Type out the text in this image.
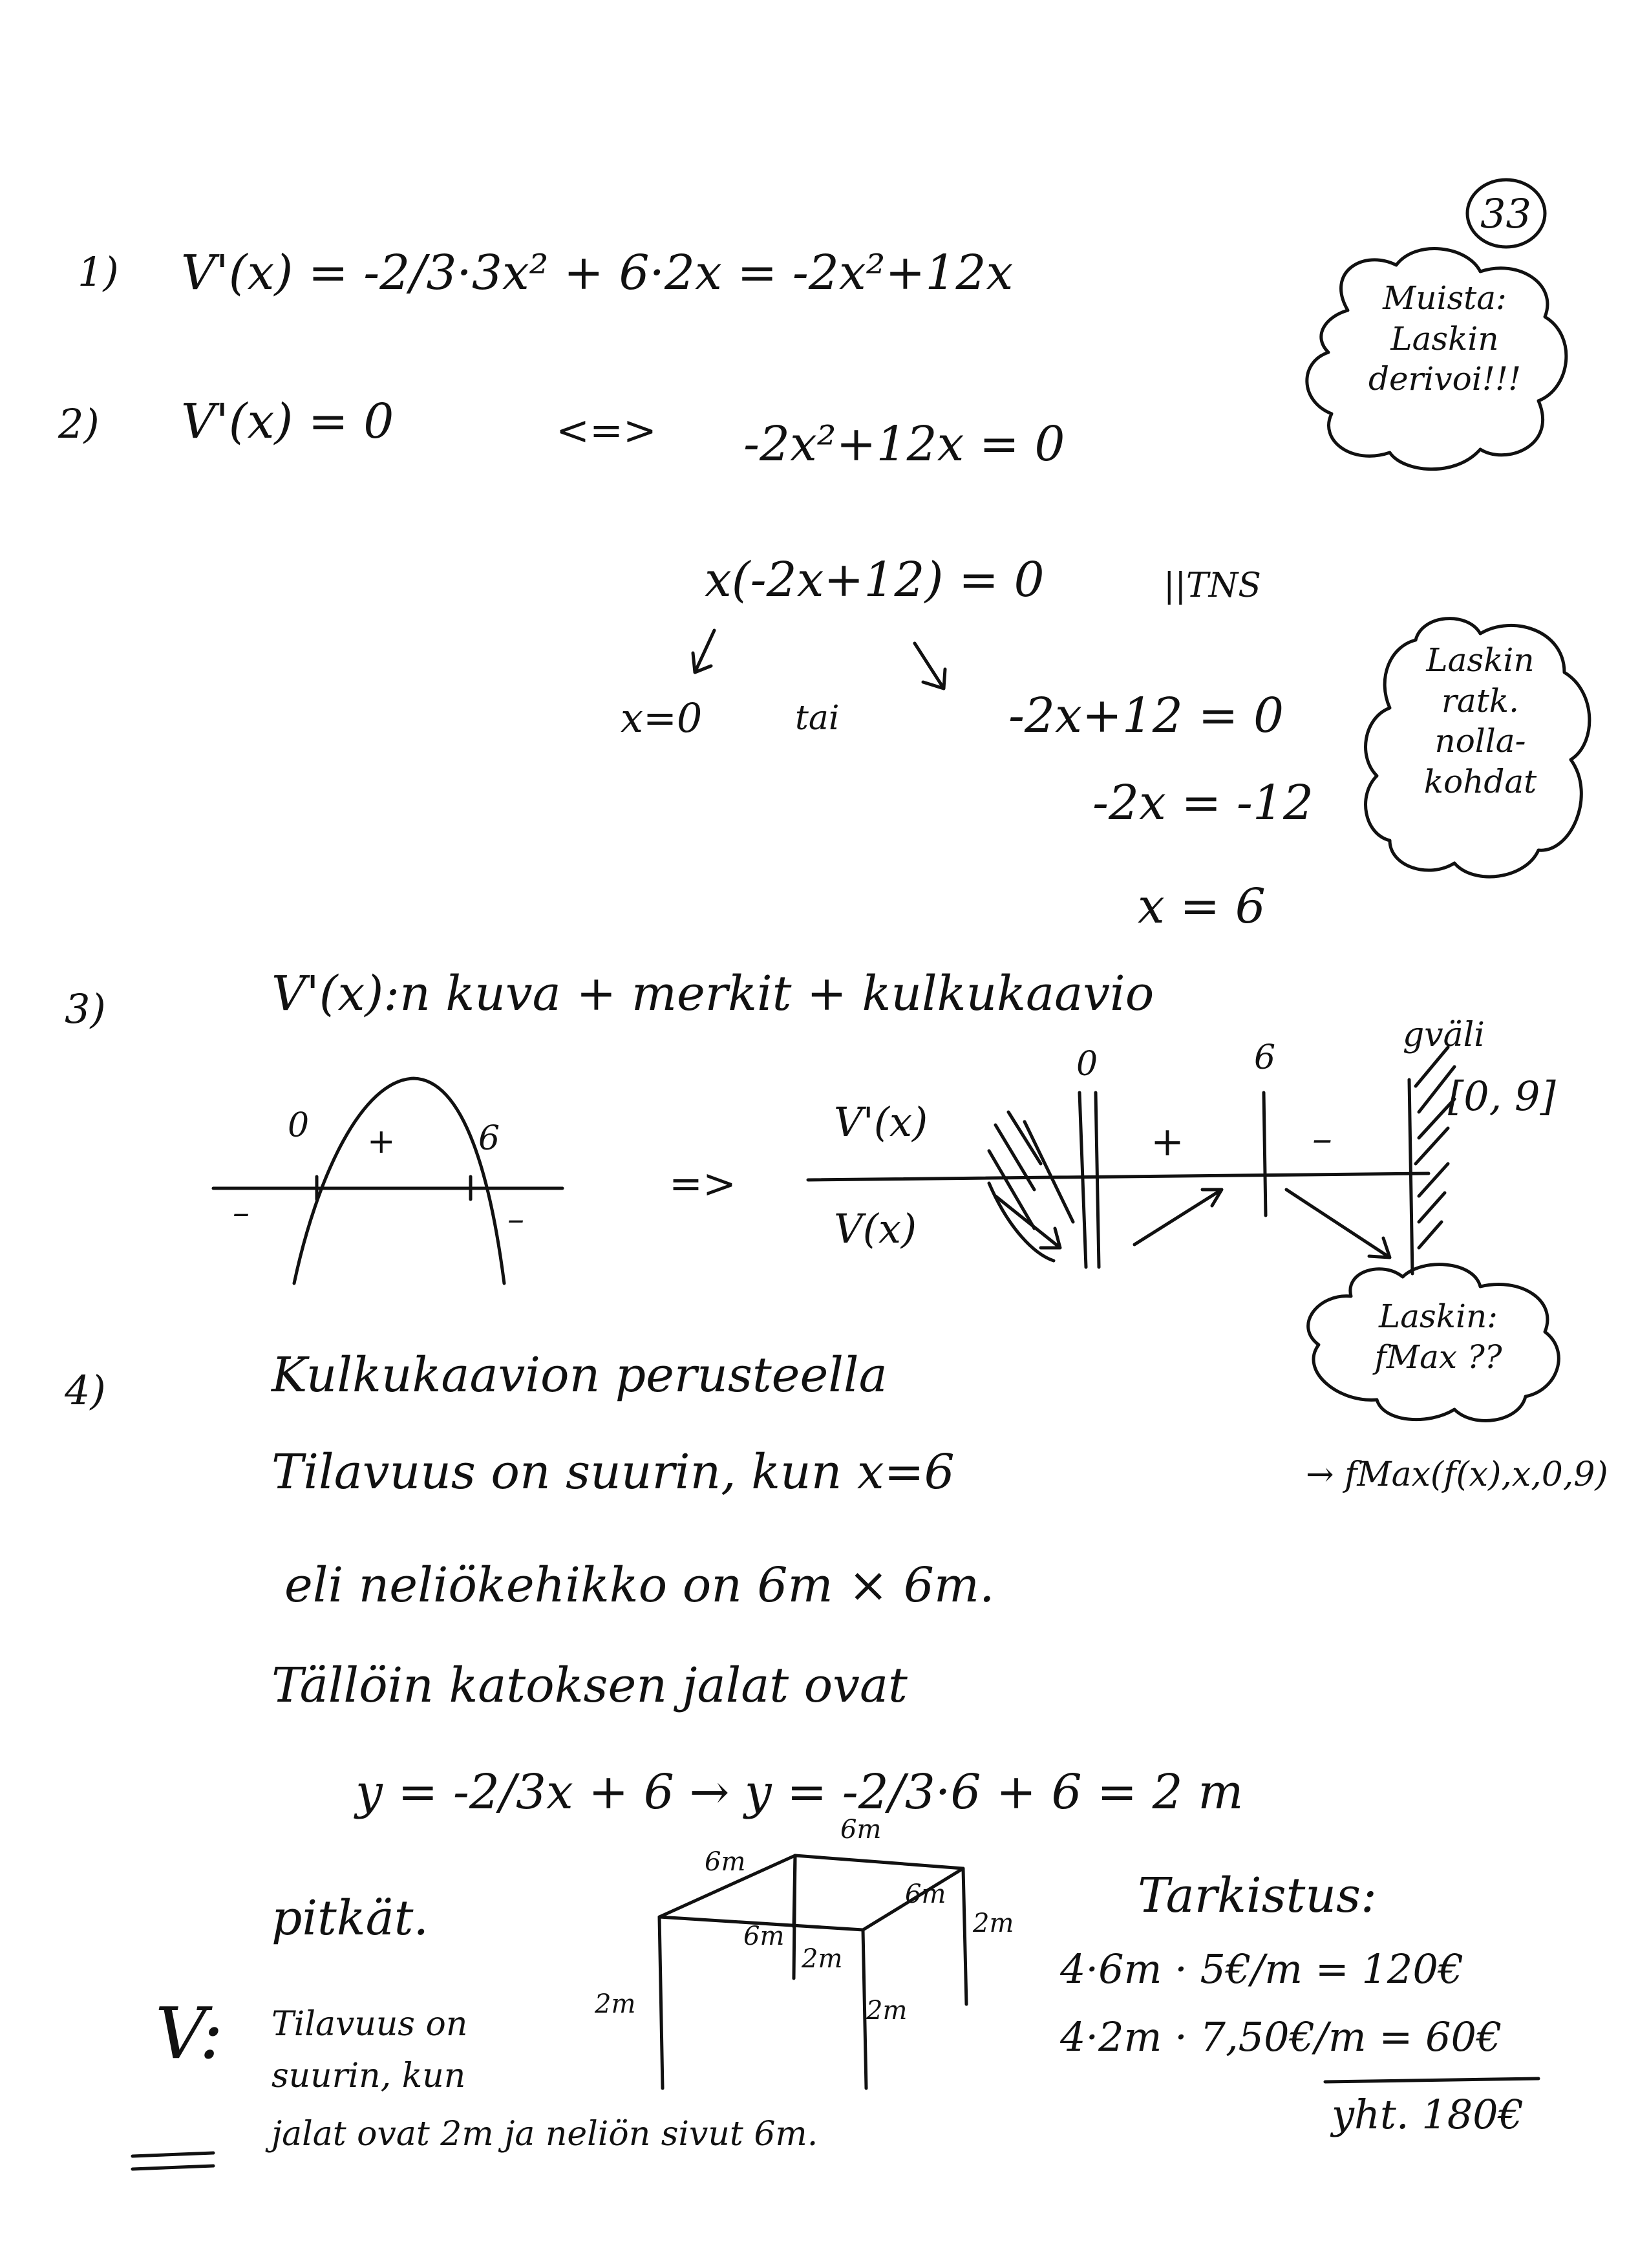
33
1) V'(x) = -2/3·3x² + 6·2x = -2x²+12x
2) V'(x) = 0	<=> -2x²+12x = 0
x(-2x+12) = 0	||TNS
x=0	tai	-2x+12 = 0
-2x = -12
x = 6
Muista:
Laskin
derivoi!!!
Laskin
ratk.
nolla-
kohdat
3)	V'(x):n kuva + merkit + kulkukaavio
0	6
+
–	–
=>
V'(x)
V(x)
0	6
+	–
gväli
[0, 9]
Laskin:
fMax ??
4)	Kulkukaavion perusteella
Tilavuus on suurin, kun x=6	→ fMax(f(x),x,0,9)
eli neliökehikko on 6m × 6m.
Tällöin katoksen jalat ovat
y = -2/3x + 6 → y = -2/3·6 + 6 = 2 m
pitkät.
6m
6m
6m
6m
2m
2m
2m	2m
Tarkistus:
4·6m · 5€/m = 120€
4·2m · 7,50€/m = 60€
yht. 180€
V: Tilavuus on
suurin, kun
jalat ovat 2m ja neliön sivut 6m.
